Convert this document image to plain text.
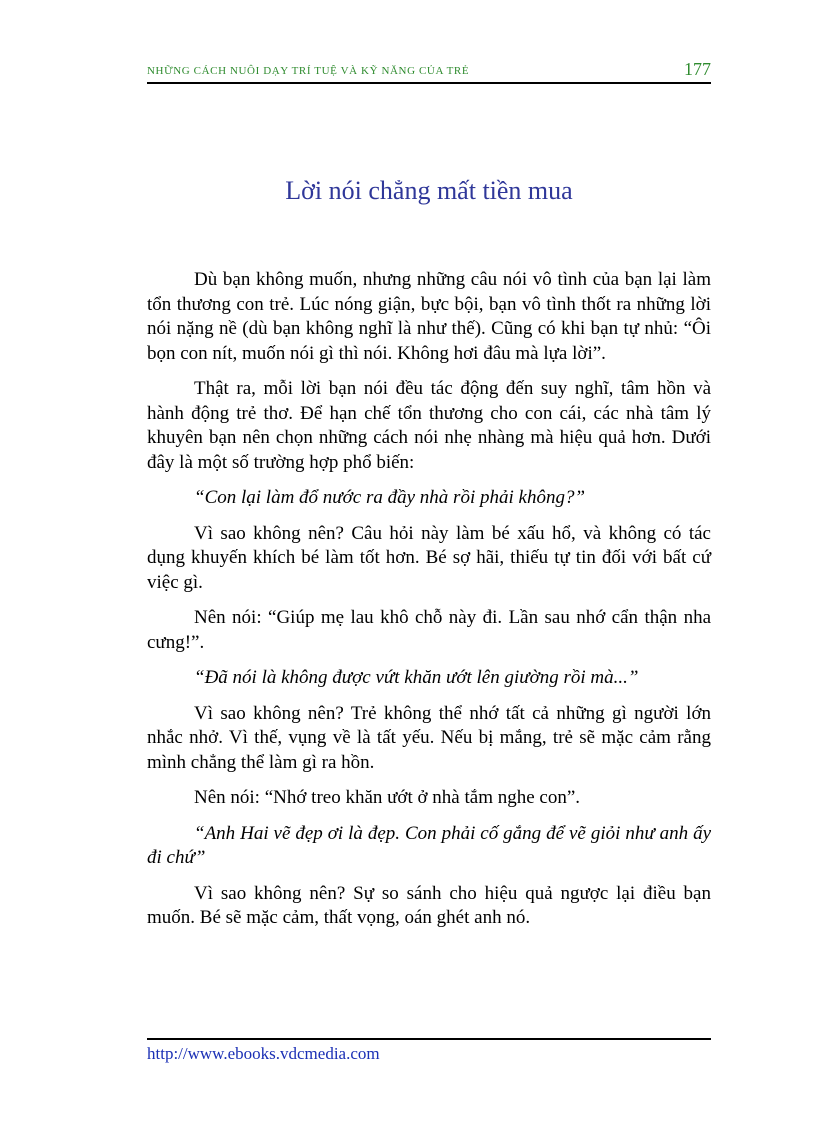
NHỮNG CÁCH NUÔI DẠY TRÍ TUỆ VÀ KỸ NĂNG CỦA TRẺ	177
Lời nói chẳng mất tiền mua

Dù bạn không muốn, nhưng những câu nói vô tình của bạn lại làm tổn thương con trẻ. Lúc nóng giận, bực bội, bạn vô tình thốt ra những lời nói nặng nề (dù bạn không nghĩ là như thế). Cũng có khi bạn tự nhủ: “Ôi bọn con nít, muốn nói gì thì nói. Không hơi đâu mà lựa lời”.

Thật ra, mỗi lời bạn nói đều tác động đến suy nghĩ, tâm hồn và hành động trẻ thơ. Để hạn chế tổn thương cho con cái, các nhà tâm lý khuyên bạn nên chọn những cách nói nhẹ nhàng mà hiệu quả hơn. Dưới đây là một số trường hợp phổ biến:

“Con lại làm đổ nước ra đầy nhà rồi phải không?”

Vì sao không nên? Câu hỏi này làm bé xấu hổ, và không có tác dụng khuyến khích bé làm tốt hơn. Bé sợ hãi, thiếu tự tin đối với bất cứ việc gì.

Nên nói: “Giúp mẹ lau khô chỗ này đi. Lần sau nhớ cẩn thận nha cưng!”.

“Đã nói là không được vứt khăn ướt lên giường rồi mà...”

Vì sao không nên? Trẻ không thể nhớ tất cả những gì người lớn nhắc nhở. Vì thế, vụng về là tất yếu. Nếu bị mắng, trẻ sẽ mặc cảm rằng mình chẳng thể làm gì ra hồn.

Nên nói: “Nhớ treo khăn ướt ở nhà tắm nghe con”.

“Anh Hai vẽ đẹp ơi là đẹp. Con phải cố gắng để vẽ giỏi như anh ấy đi chứ”

Vì sao không nên? Sự so sánh cho hiệu quả ngược lại điều bạn muốn. Bé sẽ mặc cảm, thất vọng, oán ghét anh nó.

http://www.ebooks.vdcmedia.com
